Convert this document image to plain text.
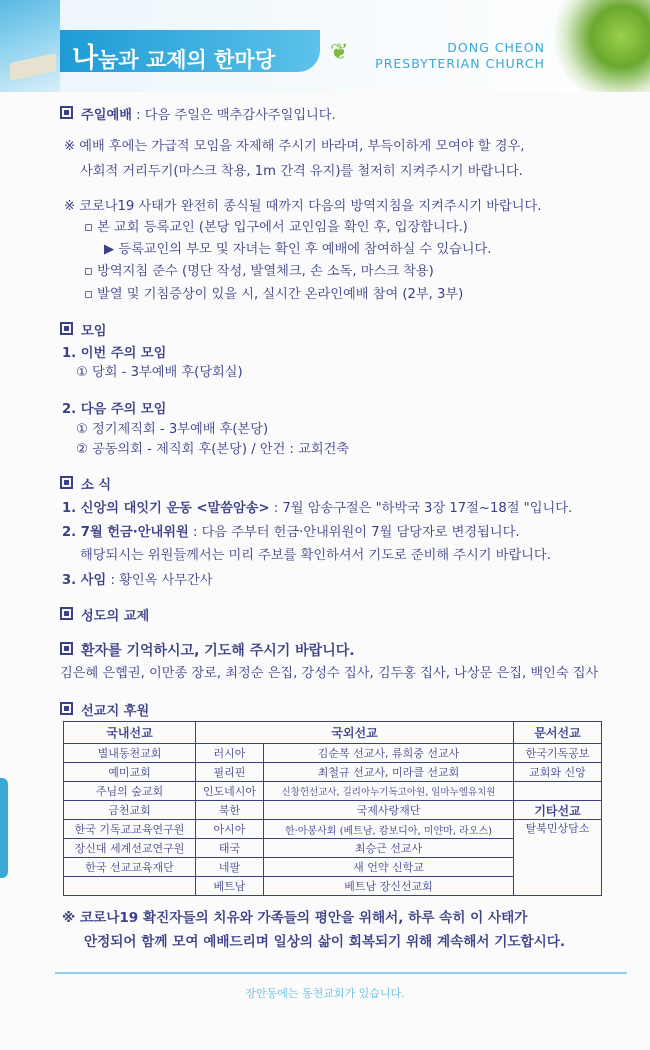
나눔과 교제의 한마당 ❦	DONG CHEON
PRESBYTERIAN CHURCH
주일예배 : 다음 주일은 맥추감사주일입니다.
※ 예배 후에는 가급적 모임을 자제해 주시기 바라며, 부득이하게 모여야 할 경우,
사회적 거리두기(마스크 착용, 1m 간격 유지)를 철저히 지켜주시기 바랍니다.
※ 코로나19 사태가 완전히 종식될 때까지 다음의 방역지침을 지켜주시기 바랍니다.
▫ 본 교회 등록교인 (본당 입구에서 교인임을 확인 후, 입장합니다.)
▶ 등록교인의 부모 및 자녀는 확인 후 예배에 참여하실 수 있습니다.
▫ 방역지침 준수 (명단 작성, 발열체크, 손 소독, 마스크 착용)
▫ 발열 및 기침증상이 있을 시, 실시간 온라인예배 참여 (2부, 3부)
모임
1. 이번 주의 모임
① 당회 - 3부예배 후(당회실)
2. 다음 주의 모임
① 정기제직회 - 3부예배 후(본당)
② 공동의회 - 제직회 후(본당) / 안건 : 교회건축
소 식
1. 신앙의 대잇기 운동 <말씀암송> : 7월 암송구절은 "하박국 3장 17절~18절 "입니다.
2. 7월 헌금·안내위원 : 다음 주부터 헌금·안내위원이 7월 담당자로 변경됩니다.
해당되시는 위원들께서는 미리 주보를 확인하셔서 기도로 준비해 주시기 바랍니다.
3. 사임 : 황인옥 사무간사
성도의 교제
환자를 기억하시고, 기도해 주시기 바랍니다.
김은혜 은혭권, 이만종 장로, 최정순 은집, 강성수 집사, 김두홍 집사, 나상문 은집, 백인숙 집사
선교지 후원
국내선교	국외선교		문서선교
별내동천교회	러시아	김순복 선교사, 류희중 선교사	한국기독공보
예미교회	필리핀	최철규 선교사, 미라클 선교회	교회와 신앙
주님의 숲교회	인도네시아	신창헌선교사, 길리아누기독고아원, 임마누엘유치원	
금천교회	북한	국제사랑재단	기타선교
한국 기독교교육연구원	아시아	한·아봉사회 (베트남, 캄보디아, 미얀마, 라오스)	탈북민상담소
장신대 세계선교연구원	태국	최승근 선교사	
한국 선교교육재단	네팔	새 언약 신학교	
	베트남	베트남 장신선교회	
※ 코로나19 확진자들의 치유와 가족들의 평안을 위해서, 하루 속히 이 사태가
안정되어 함께 모여 예배드리며 일상의 삶이 회복되기 위해 계속해서 기도합시다.
장안동에는 동천교회가 있습니다.
